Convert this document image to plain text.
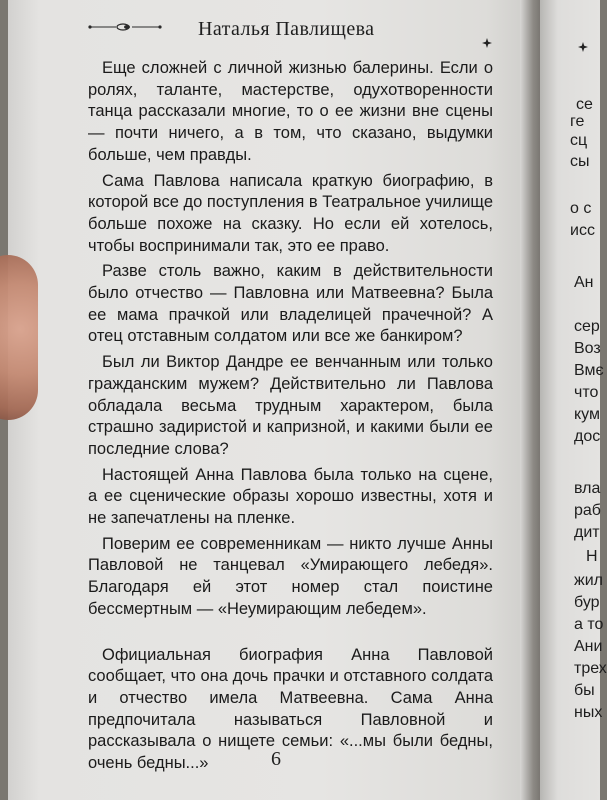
Наталья Павлищева

Еще сложней с личной жизнью балерины. Если о ролях, таланте, мастерстве, одухотворенности танца рассказали многие, то о ее жизни вне сцены — почти ничего, а в том, что сказано, выдумки больше, чем правды.

Сама Павлова написала краткую биографию, в которой все до поступления в Театральное училище больше похоже на сказку. Но если ей хотелось, чтобы воспринимали так, это ее право.

Разве столь важно, каким в действительности было отчество — Павловна или Матвеевна? Была ее мама прачкой или владелицей прачечной? А отец отставным солдатом или все же банкиром?

Был ли Виктор Дандре ее венчанным или только гражданским мужем? Действительно ли Павлова обладала весьма трудным характером, была страшно задиристой и капризной, и какими были ее последние слова?

Настоящей Анна Павлова была только на сцене, а ее сценические образы хорошо известны, хотя и не запечатлены на пленке.

Поверим ее современникам — никто лучше Анны Павловой не танцевал «Умирающего лебедя». Благодаря ей этот номер стал поистине бессмертным — «Неумирающим лебедем».

Официальная биография Анна Павловой сообщает, что она дочь прачки и отставного солдата и отчество имела Матвеевна. Сама Анна предпочитала называться Павловной и рассказывала о нищете семьи: «...мы были бедны, очень бедны...»	6
се
ге
сц
сы
о с
исс
Ан
сер
Воз
Вмє
что
кум
дос
вла
раб
дит
Н
жил
бур
а то
Ани
трех
бы
ных
